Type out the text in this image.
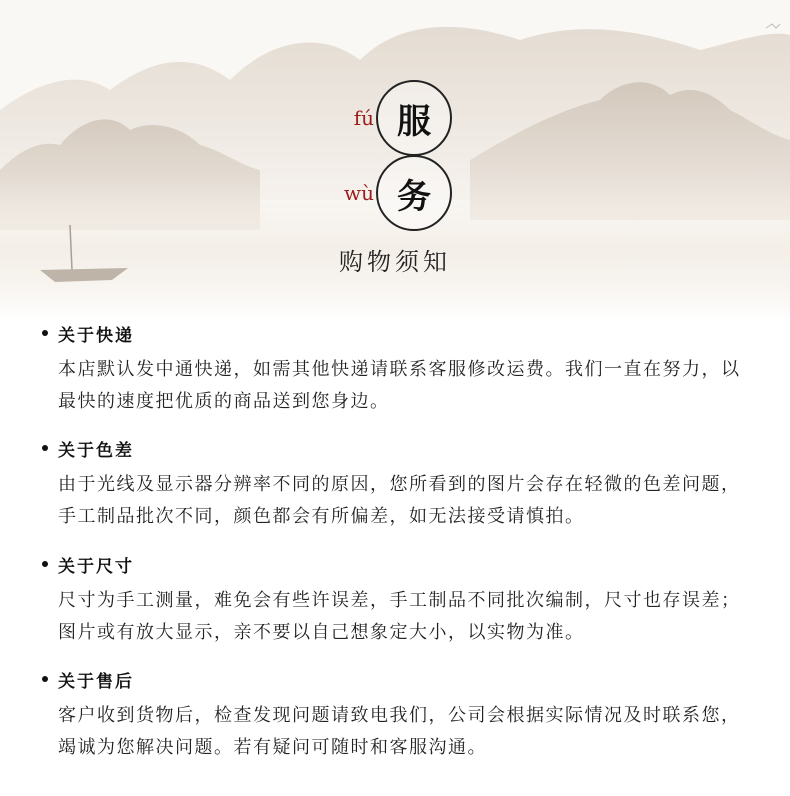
fú 服
wù 务
购物须知
关于快递
本店默认发中通快递，如需其他快递请联系客服修改运费。我们一直在努力，以最快的速度把优质的商品送到您身边。
关于色差
由于光线及显示器分辨率不同的原因，您所看到的图片会存在轻微的色差问题，手工制品批次不同，颜色都会有所偏差，如无法接受请慎拍。
关于尺寸
尺寸为手工测量，难免会有些许误差，手工制品不同批次编制，尺寸也存误差；图片或有放大显示，亲不要以自己想象定大小，以实物为准。
关于售后
客户收到货物后，检查发现问题请致电我们，公司会根据实际情况及时联系您，竭诚为您解决问题。若有疑问可随时和客服沟通。
